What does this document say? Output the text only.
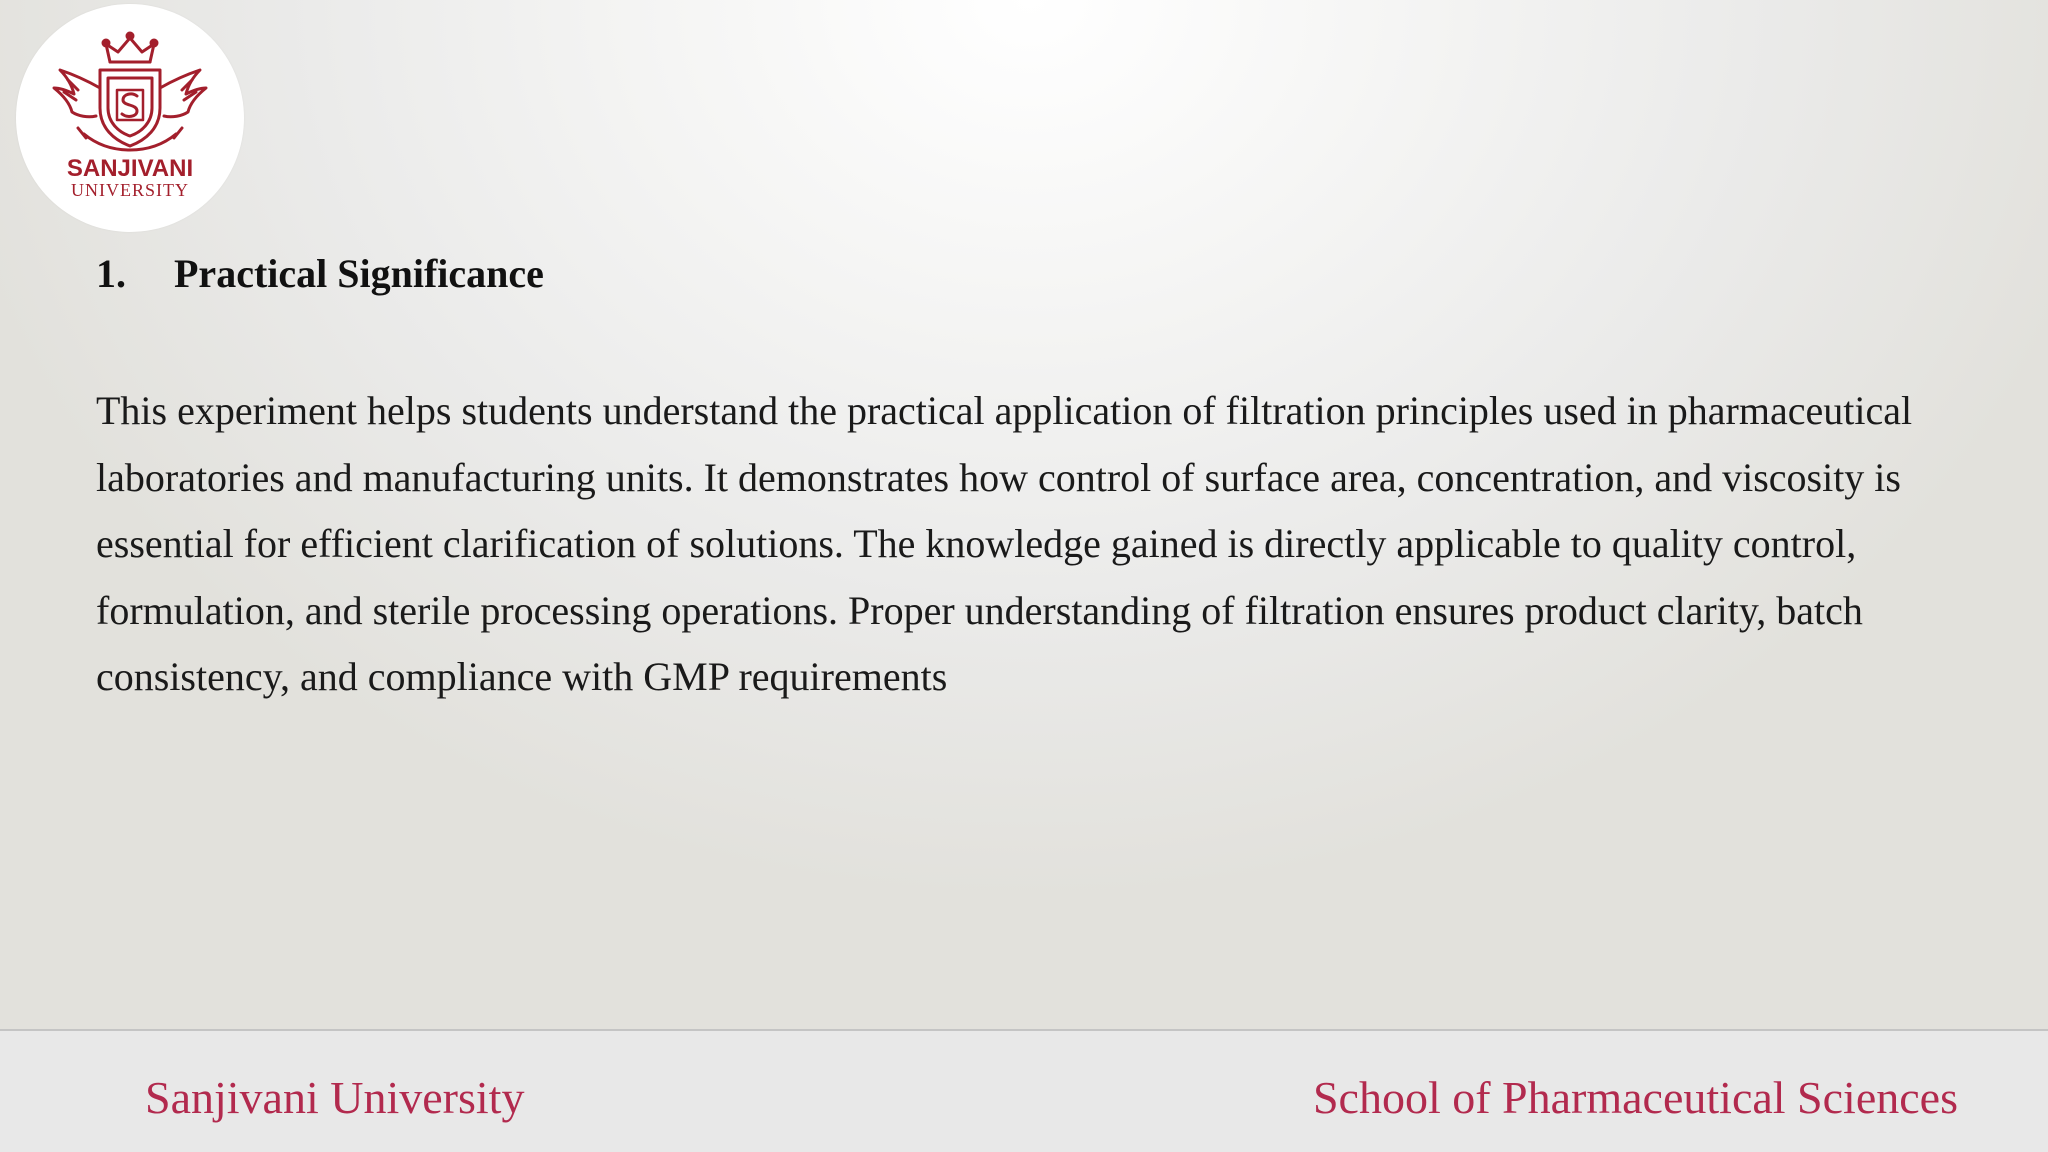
SANJIVANI
UNIVERSITY
1. Practical Significance
This experiment helps students understand the practical application of filtration principles used in pharmaceutical
laboratories and manufacturing units. It demonstrates how control of surface area, concentration, and viscosity is
essential for efficient clarification of solutions. The knowledge gained is directly applicable to quality control,
formulation, and sterile processing operations. Proper understanding of filtration ensures product clarity, batch
consistency, and compliance with GMP requirements
Sanjivani University	School of Pharmaceutical Sciences
